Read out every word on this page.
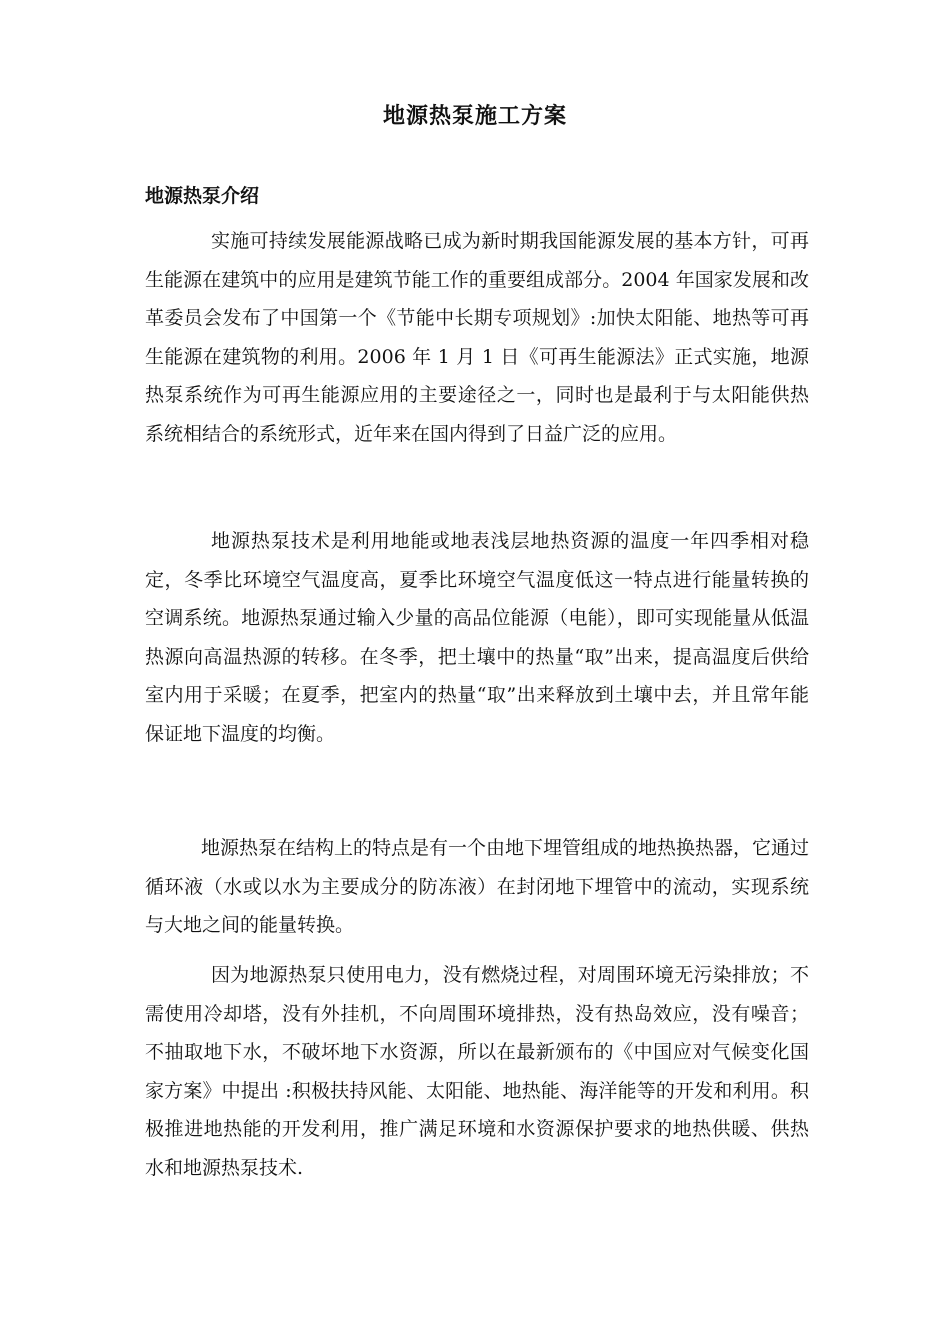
地源热泵施工方案
地源热泵介绍

实施可持续发展能源战略已成为新时期我国能源发展的基本方针，可再生能源在建筑中的应用是建筑节能工作的重要组成部分。2004 年国家发展和改革委员会发布了中国第一个《节能中长期专项规划》:加快太阳能、地热等可再生能源在建筑物的利用。2006 年 1 月 1 日《可再生能源法》正式实施，地源热泵系统作为可再生能源应用的主要途径之一，同时也是最利于与太阳能供热系统相结合的系统形式，近年来在国内得到了日益广泛的应用。

地源热泵技术是利用地能或地表浅层地热资源的温度一年四季相对稳定，冬季比环境空气温度高，夏季比环境空气温度低这一特点进行能量转换的空调系统。地源热泵通过输入少量的高品位能源（电能），即可实现能量从低温热源向高温热源的转移。在冬季，把土壤中的热量“取”出来，提高温度后供给室内用于采暖；在夏季，把室内的热量“取”出来释放到土壤中去，并且常年能保证地下温度的均衡。

地源热泵在结构上的特点是有一个由地下埋管组成的地热换热器，它通过循环液（水或以水为主要成分的防冻液）在封闭地下埋管中的流动，实现系统与大地之间的能量转换。

因为地源热泵只使用电力，没有燃烧过程，对周围环境无污染排放；不需使用冷却塔，没有外挂机，不向周围环境排热，没有热岛效应，没有噪音；不抽取地下水，不破坏地下水资源，所以在最新颁布的《中国应对气候变化国家方案》中提出 :积极扶持风能、太阳能、地热能、海洋能等的开发和利用。积极推进地热能的开发利用，推广满足环境和水资源保护要求的地热供暖、供热水和地源热泵技术.
